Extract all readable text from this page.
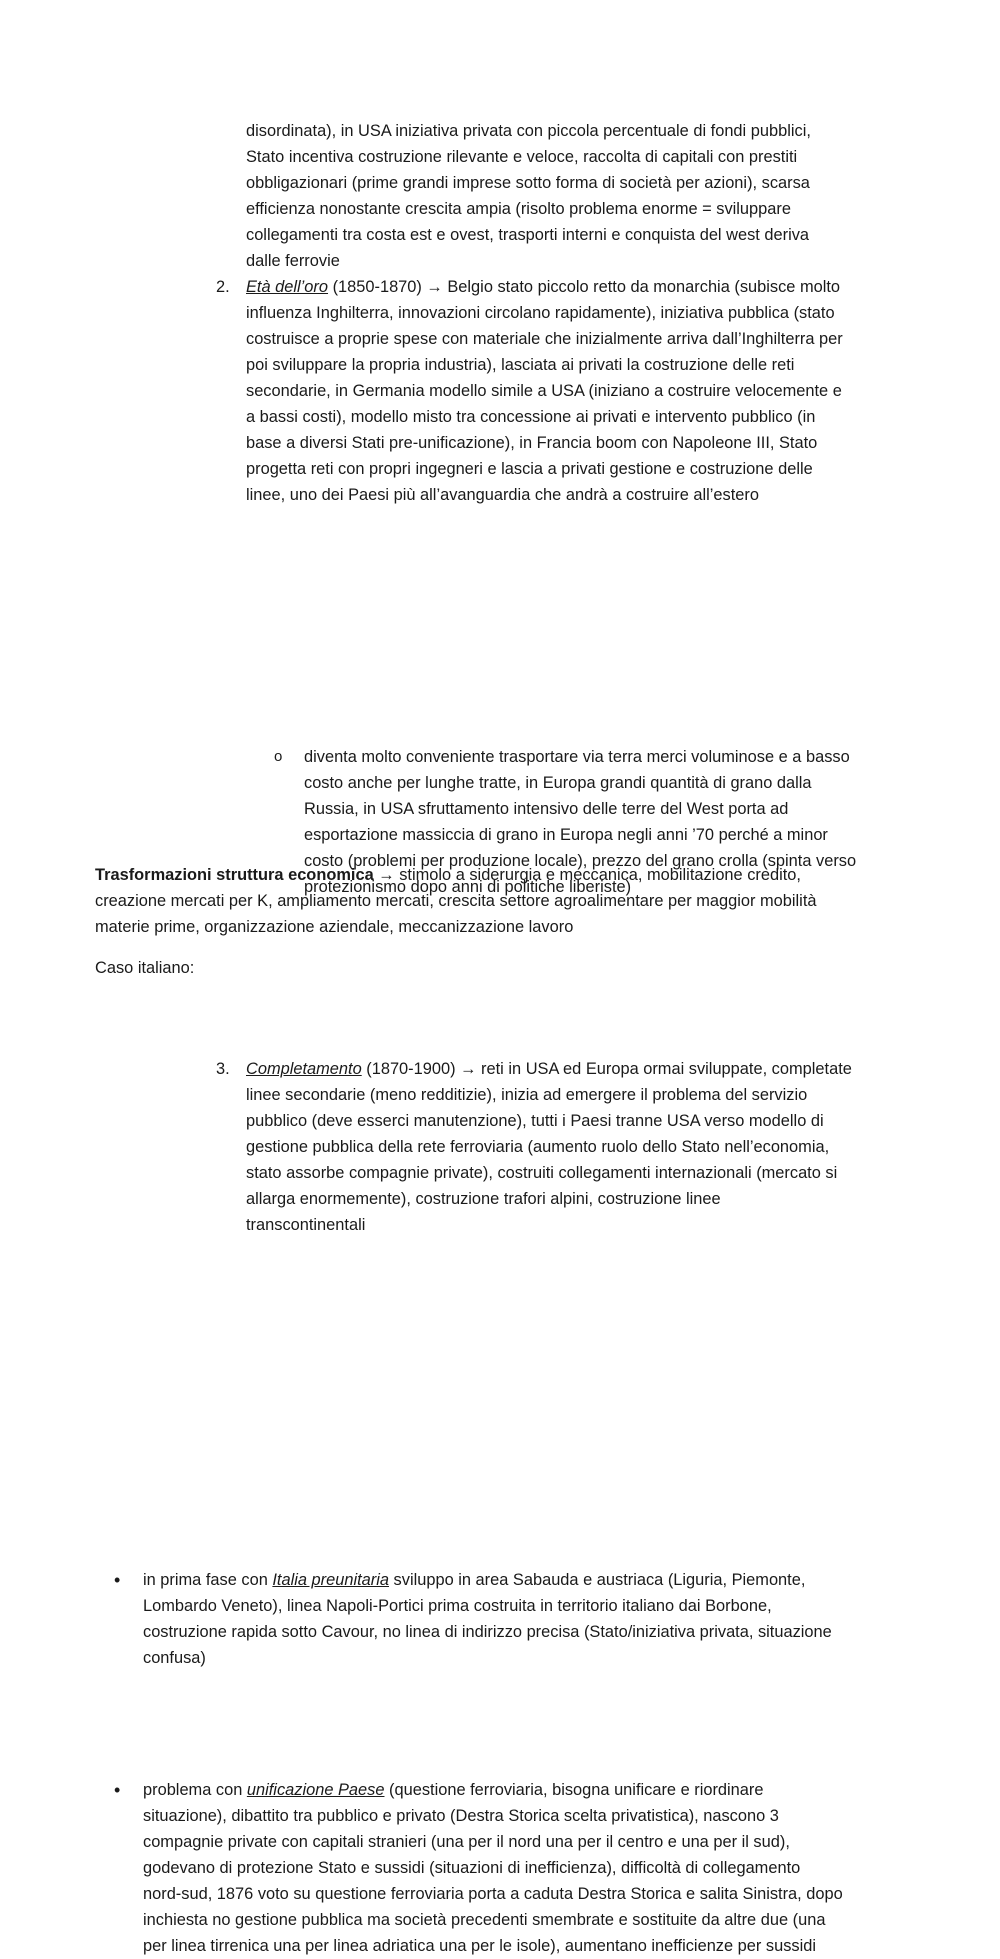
disordinata), in USA iniziativa privata con piccola percentuale di fondi pubblici,
Stato incentiva costruzione rilevante e veloce, raccolta di capitali con prestiti
obbligazionari (prime grandi imprese sotto forma di società per azioni), scarsa
efficienza nonostante crescita ampia (risolto problema enorme = sviluppare
collegamenti tra costa est e ovest, trasporti interni e conquista del west deriva
dalle ferrovie
2. Età dell’oro (1850-1870) → Belgio stato piccolo retto da monarchia (subisce molto
influenza Inghilterra, innovazioni circolano rapidamente), iniziativa pubblica (stato
costruisce a proprie spese con materiale che inizialmente arriva dall’Inghilterra per
poi sviluppare la propria industria), lasciata ai privati la costruzione delle reti
secondarie, in Germania modello simile a USA (iniziano a costruire velocemente e
a bassi costi), modello misto tra concessione ai privati e intervento pubblico (in
base a diversi Stati pre-unificazione), in Francia boom con Napoleone III, Stato
progetta reti con propri ingegneri e lascia a privati gestione e costruzione delle
linee, uno dei Paesi più all’avanguardia che andrà a costruire all’estero
o diventa molto conveniente trasportare via terra merci voluminose e a basso
costo anche per lunghe tratte, in Europa grandi quantità di grano dalla
Russia, in USA sfruttamento intensivo delle terre del West porta ad
esportazione massiccia di grano in Europa negli anni ’70 perché a minor
costo (problemi per produzione locale), prezzo del grano crolla (spinta verso
protezionismo dopo anni di politiche liberiste)
3. Completamento (1870-1900) → reti in USA ed Europa ormai sviluppate, completate
linee secondarie (meno redditizie), inizia ad emergere il problema del servizio
pubblico (deve esserci manutenzione), tutti i Paesi tranne USA verso modello di
gestione pubblica della rete ferroviaria (aumento ruolo dello Stato nell’economia,
stato assorbe compagnie private), costruiti collegamenti internazionali (mercato si
allarga enormemente), costruzione trafori alpini, costruzione linee
transcontinentali
Trasformazioni struttura economica → stimolo a siderurgia e meccanica, mobilitazione credito,
creazione mercati per K, ampliamento mercati, crescita settore agroalimentare per maggior mobilità
materie prime, organizzazione aziendale, meccanizzazione lavoro
Caso italiano:
• in prima fase con Italia preunitaria sviluppo in area Sabauda e austriaca (Liguria, Piemonte,
Lombardo Veneto), linea Napoli-Portici prima costruita in territorio italiano dai Borbone,
costruzione rapida sotto Cavour, no linea di indirizzo precisa (Stato/iniziativa privata, situazione
confusa)
• problema con unificazione Paese (questione ferroviaria, bisogna unificare e riordinare
situazione), dibattito tra pubblico e privato (Destra Storica scelta privatistica), nascono 3
compagnie private con capitali stranieri (una per il nord una per il centro e una per il sud),
godevano di protezione Stato e sussidi (situazioni di inefficienza), difficoltà di collegamento
nord-sud, 1876 voto su questione ferroviaria porta a caduta Destra Storica e salita Sinistra, dopo
inchiesta no gestione pubblica ma società precedenti smembrate e sostituite da altre due (una
per linea tirrenica una per linea adriatica una per le isole), aumentano inefficienze per sussidi
